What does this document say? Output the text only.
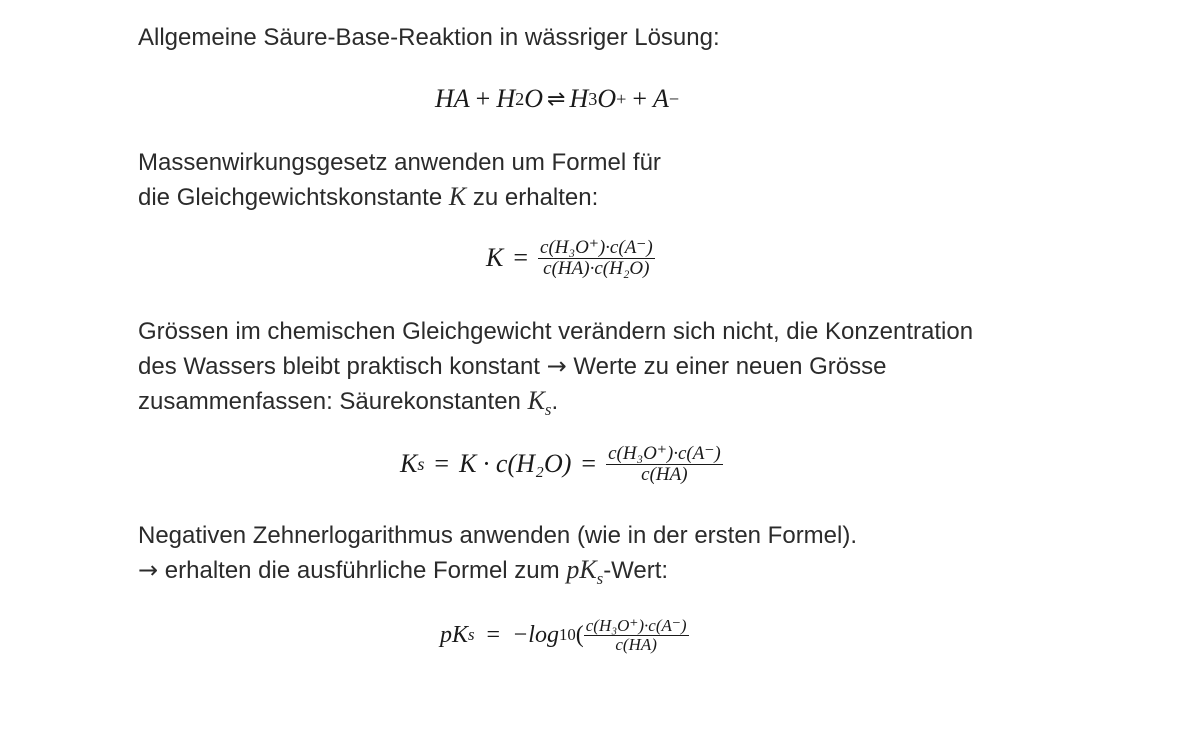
Allgemeine Säure-Base-Reaktion in wässriger Lösung:

HA + H 2 O ⇌ H 3 O + + A −

Massenwirkungsgesetz anwenden um Formel für
die Gleichgewichtskonstante K zu erhalten:

$K = \frac{\text{c(H₃O⁺)·c(A⁻)}}{\text{c(HA)·c(H₂O)}}$

Grössen im chemischen Gleichgewicht verändern sich nicht, die Konzentration
des Wassers bleibt praktisch konstant → Werte zu einer neuen Grösse
zusammenfassen: Säurekonstanten $K_s$.

K $s = K \cdot c(H_2O) = \frac{\text{c(H₃O⁺)·c(A⁻)}}{c(HA)}$

Negativen Zehnerlogarithmus anwenden (wie in der ersten Formel).
→ erhalten die ausführliche Formel zum $pK_s$-Wert:

pK s = −log 10 ( $\frac{\text{c(H₃O⁺)·c(A⁻)}}{c(HA)}$
